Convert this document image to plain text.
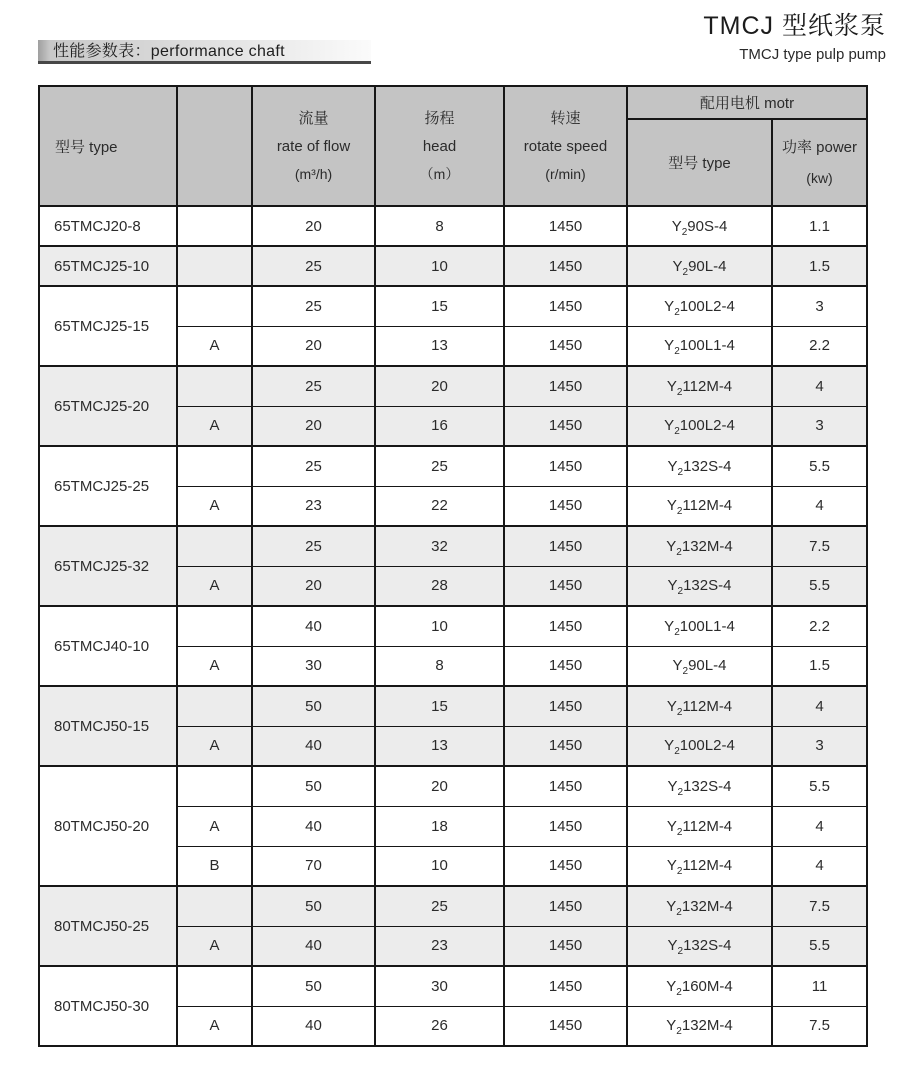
TMCJ 型纸浆泵
TMCJ type pulp pump
性能参数表：performance chaft
型号 type		流量
rate of flow
(m³/h)	扬程
head
（m）	转速
rotate speed
(r/min)	配用电机 motr	
					型号 type	功率 power
(kw)

65TMCJ20-8		20	8	1450	$Y_290S-4$	1.1
65TMCJ25-10		25	10	1450	$Y_290L-4$	1.5
65TMCJ25-15		25	15	1450	$Y_2100L2-4$	3
	A	20	13	1450	$Y_2100L1-4$	2.2
65TMCJ25-20		25	20	1450	$Y_2112M-4$	4
	A	20	16	1450	$Y_2100L2-4$	3
65TMCJ25-25		25	25	1450	$Y_2132S-4$	5.5
	A	23	22	1450	$Y_2112M-4$	4
65TMCJ25-32		25	32	1450	$Y_2132M-4$	7.5
	A	20	28	1450	$Y_2132S-4$	5.5
65TMCJ40-10		40	10	1450	$Y_2100L1-4$	2.2
	A	30	8	1450	$Y_290L-4$	1.5
80TMCJ50-15		50	15	1450	$Y_2112M-4$	4
	A	40	13	1450	$Y_2100L2-4$	3
80TMCJ50-20		50	20	1450	$Y_2132S-4$	5.5
	A	40	18	1450	$Y_2112M-4$	4
	B	70	10	1450	$Y_2112M-4$	4
80TMCJ50-25		50	25	1450	$Y_2132M-4$	7.5
	A	40	23	1450	$Y_2132S-4$	5.5
80TMCJ50-30		50	30	1450	$Y_2160M-4$	11
	A	40	26	1450	$Y_2132M-4$	7.5
